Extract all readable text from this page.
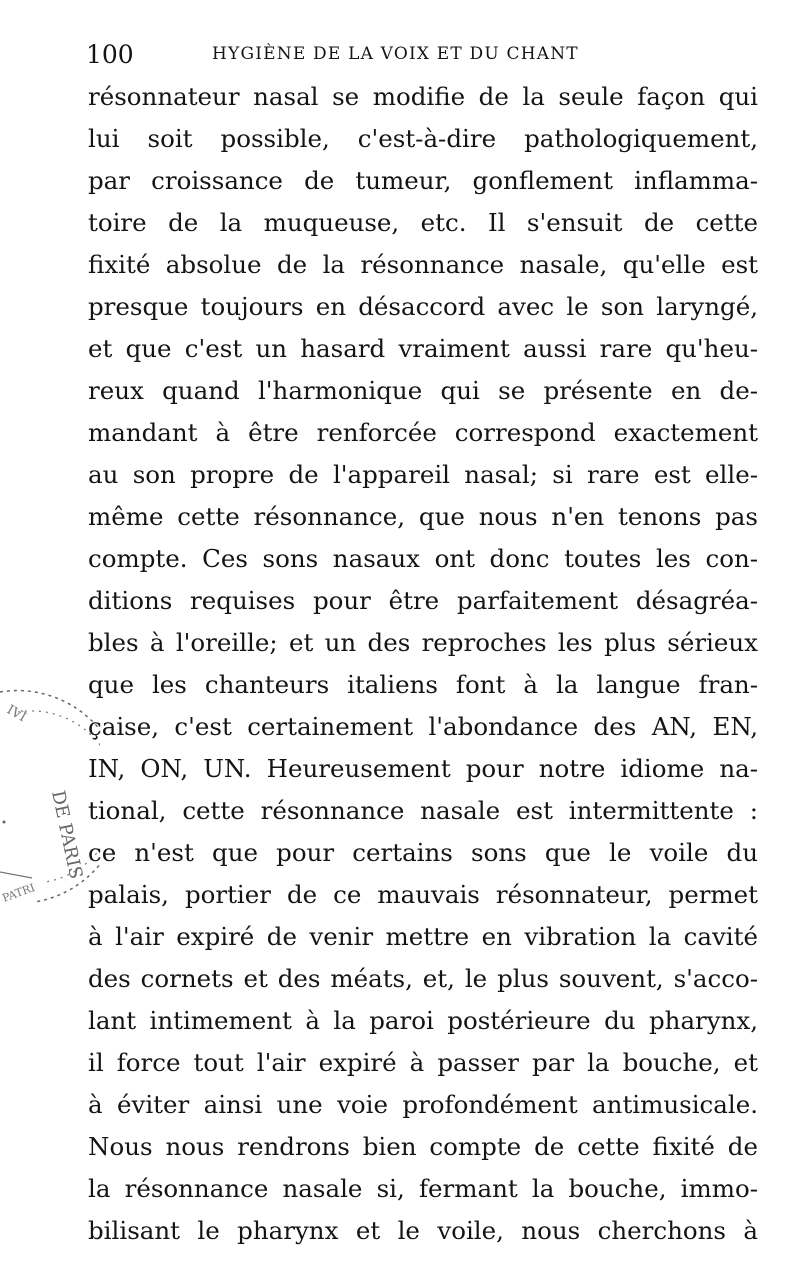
100	HYGIÈNE DE LA VOIX ET DU CHANT
DE PARIS
IVI
PATRI
résonnateur nasal se modifie de la seule façon qui
lui soit possible, c'est-à-dire pathologiquement,
par croissance de tumeur, gonflement inflamma-
toire de la muqueuse, etc. Il s'ensuit de cette
fixité absolue de la résonnance nasale, qu'elle est
presque toujours en désaccord avec le son laryngé,
et que c'est un hasard vraiment aussi rare qu'heu-
reux quand l'harmonique qui se présente en de-
mandant à être renforcée correspond exactement
au son propre de l'appareil nasal; si rare est elle-
même cette résonnance, que nous n'en tenons pas
compte. Ces sons nasaux ont donc toutes les con-
ditions requises pour être parfaitement désagréa-
bles à l'oreille; et un des reproches les plus sérieux
que les chanteurs italiens font à la langue fran-
çaise, c'est certainement l'abondance des AN, EN,
IN, ON, UN. Heureusement pour notre idiome na-
tional, cette résonnance nasale est intermittente :
ce n'est que pour certains sons que le voile du
palais, portier de ce mauvais résonnateur, permet
à l'air expiré de venir mettre en vibration la cavité
des cornets et des méats, et, le plus souvent, s'acco-
lant intimement à la paroi postérieure du pharynx,
il force tout l'air expiré à passer par la bouche, et
à éviter ainsi une voie profondément antimusicale.
Nous nous rendrons bien compte de cette fixité de
la résonnance nasale si, fermant la bouche, immo-
bilisant le pharynx et le voile, nous cherchons à
